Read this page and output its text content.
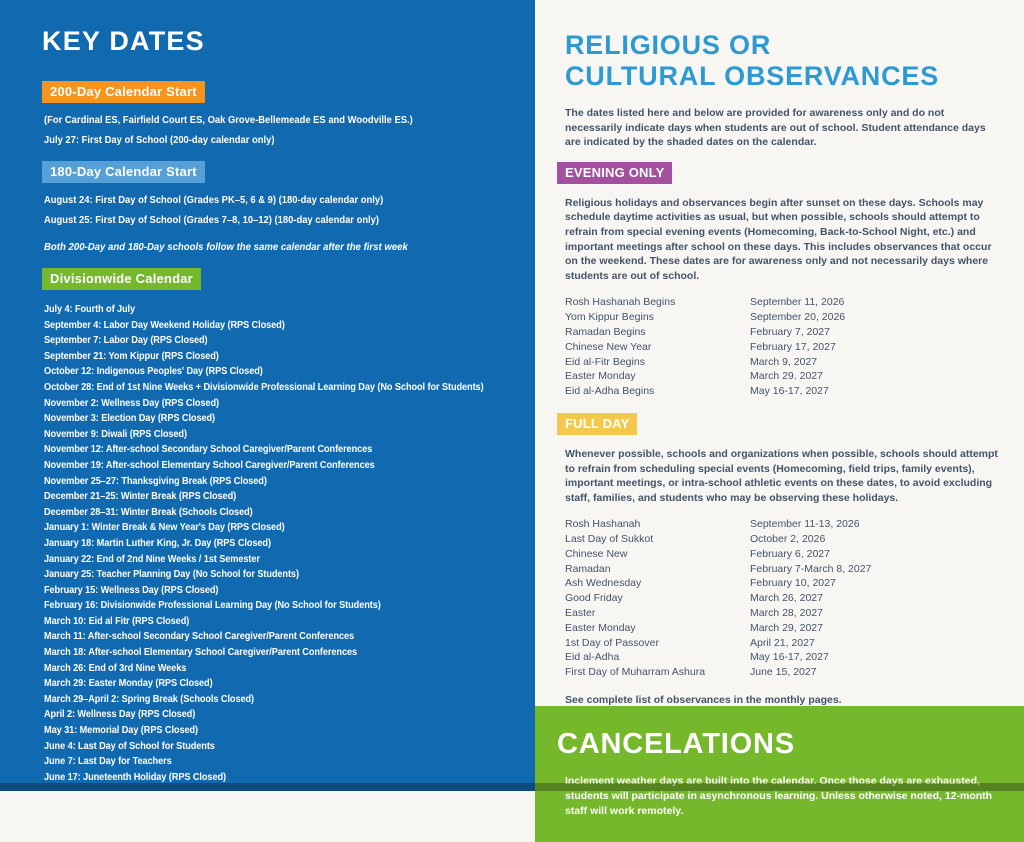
KEY DATES
200-Day Calendar Start

(For Cardinal ES, Fairfield Court ES, Oak Grove-Bellemeade ES and Woodville ES.)

July 27: First Day of School (200-day calendar only)

180-Day Calendar Start

August 24: First Day of School (Grades PK–5, 6 & 9) (180-day calendar only)

August 25: First Day of School (Grades 7–8, 10–12) (180-day calendar only)

Both 200-Day and 180-Day schools follow the same calendar after the first week

Divisionwide Calendar
July 4: Fourth of July
September 4: Labor Day Weekend Holiday (RPS Closed)
September 7: Labor Day (RPS Closed)
September 21: Yom Kippur (RPS Closed)
October 12: Indigenous Peoples' Day (RPS Closed)
October 28: End of 1st Nine Weeks + Divisionwide Professional Learning Day (No School for Students)
November 2: Wellness Day (RPS Closed)
November 3: Election Day (RPS Closed)
November 9: Diwali (RPS Closed)
November 12: After-school Secondary School Caregiver/Parent Conferences
November 19: After-school Elementary School Caregiver/Parent Conferences
November 25–27: Thanksgiving Break (RPS Closed)
December 21–25: Winter Break (RPS Closed)
December 28–31: Winter Break (Schools Closed)
January 1: Winter Break & New Year's Day (RPS Closed)
January 18: Martin Luther King, Jr. Day (RPS Closed)
January 22: End of 2nd Nine Weeks / 1st Semester
January 25: Teacher Planning Day (No School for Students)
February 15: Wellness Day (RPS Closed)
February 16: Divisionwide Professional Learning Day (No School for Students)
March 10: Eid al Fitr (RPS Closed)
March 11: After-school Secondary School Caregiver/Parent Conferences
March 18: After-school Elementary School Caregiver/Parent Conferences
March 26: End of 3rd Nine Weeks
March 29: Easter Monday (RPS Closed)
March 29–April 2: Spring Break (Schools Closed)
April 2: Wellness Day (RPS Closed)
May 31: Memorial Day (RPS Closed)
June 4: Last Day of School for Students
June 7: Last Day for Teachers
June 17: Juneteenth Holiday (RPS Closed)
RELIGIOUS OR
CULTURAL OBSERVANCES

The dates listed here and below are provided for awareness only and do not necessarily indicate days when students are out of school. Student attendance days are indicated by the shaded dates on the calendar.

EVENING ONLY

Religious holidays and observances begin after sunset on these days. Schools may schedule daytime activities as usual, but when possible, schools should attempt to refrain from special evening events (Homecoming, Back-to-School Night, etc.) and important meetings after school on these days. This includes observances that occur on the weekend. These dates are for awareness only and not necessarily days where students are out of school.

Rosh Hashanah Begins	September 11, 2026
Yom Kippur Begins	September 20, 2026
Ramadan Begins	February 7, 2027
Chinese New Year	February 17, 2027
Eid al-Fitr Begins	March 9, 2027
Easter Monday	March 29. 2027
Eid al-Adha Begins	May 16-17, 2027
FULL DAY

Whenever possible, schools and organizations when possible, schools should attempt to refrain from scheduling special events (Homecoming, field trips, family events), important meetings, or intra-school athletic events on these dates, to avoid excluding staff, families, and students who may be observing these holidays.

Rosh Hashanah	September 11-13, 2026
Last Day of Sukkot	October 2, 2026
Chinese New	February 6, 2027
Ramadan	February 7-March 8, 2027
Ash Wednesday	February 10, 2027
Good Friday	March 26, 2027
Easter	March 28, 2027
Easter Monday	March 29, 2027
1st Day of Passover	April 21, 2027
Eid al-Adha	May 16-17, 2027
First Day of Muharram Ashura	June 15, 2027

See complete list of observances in the monthly pages.

CANCELATIONS

Inclement weather days are built into the calendar. Once those days are exhausted, students will participate in asynchronous learning. Unless otherwise noted, 12-month staff will work remotely.
